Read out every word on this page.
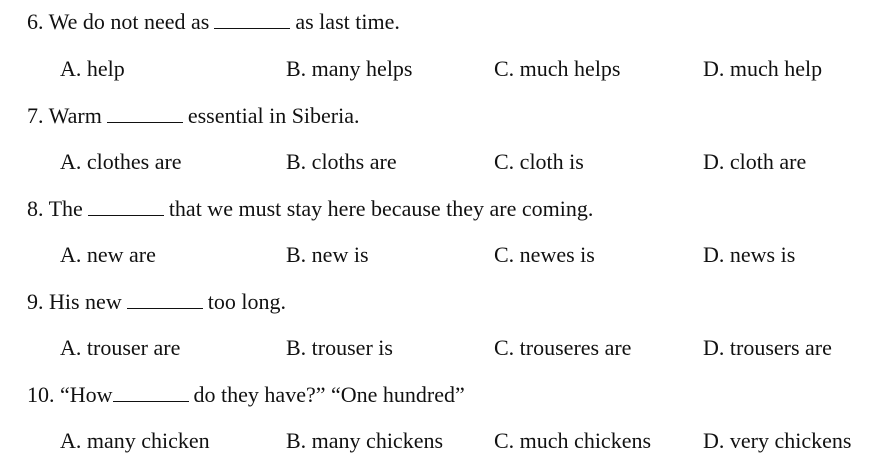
6. We do not need as	as last time.
A. help	B. many helps	C. much helps	D. much help
7. Warm	essential in Siberia.
A. clothes are	B. cloths are	C. cloth is	D. cloth are
8. The	that we must stay here because they are coming.
A. new are	B. new is	C. newes is	D. news is
9. His new	too long.
A. trouser are	B. trouser is	C. trouseres are	D. trousers are
10. “How	do they have?” “One hundred”
A. many chicken	B. many chickens C. much chickens D. very chickens
